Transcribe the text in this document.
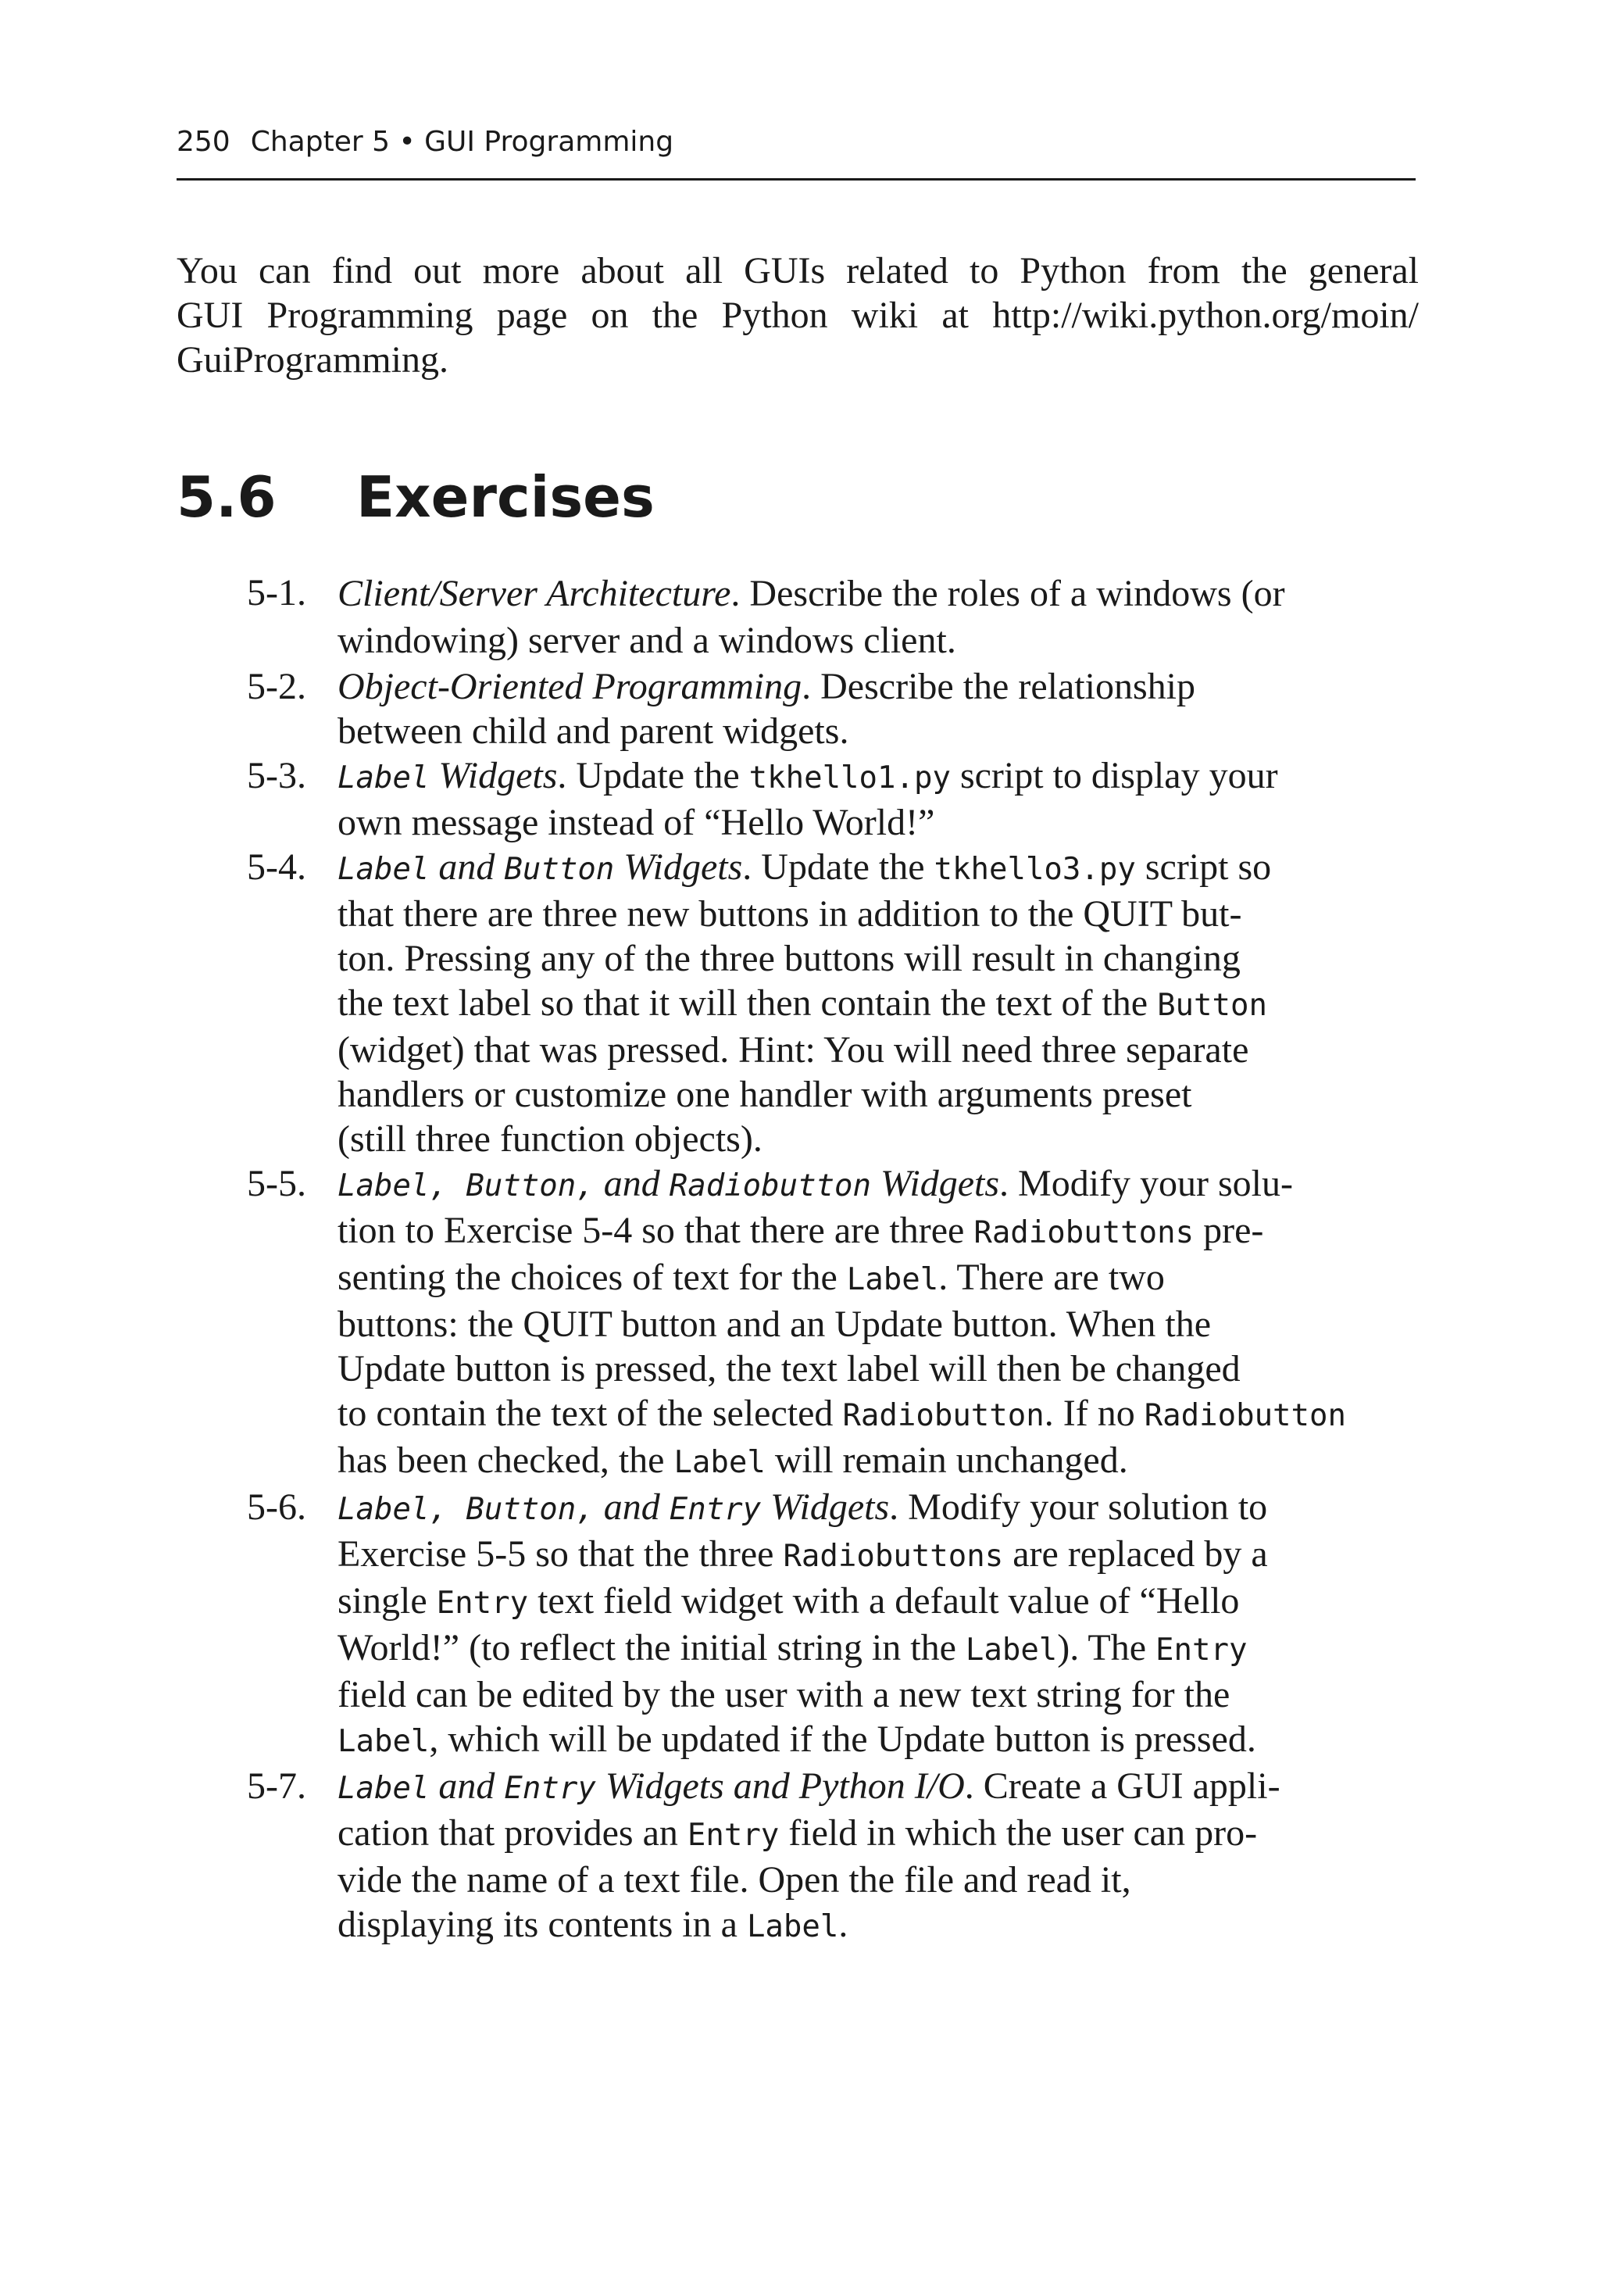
250 Chapter 5 • GUI Programming
You can find out more about all GUIs related to Python from the general
GUI Programming page on the Python wiki at http://wiki.python.org/moin/
GuiProgramming.
5.6 Exercises
5-1. Client/Server Architecture. Describe the roles of a windows (or
windowing) server and a windows client.
5-2. Object-Oriented Programming. Describe the relationship
between child and parent widgets.
5-3. Label Widgets. Update the tkhello1.py script to display your
own message instead of “Hello World!”
5-4. Label and Button Widgets. Update the tkhello3.py script so
that there are three new buttons in addition to the QUIT but-
ton. Pressing any of the three buttons will result in changing
the text label so that it will then contain the text of the Button
(widget) that was pressed. Hint: You will need three separate
handlers or customize one handler with arguments preset
(still three function objects).
5-5. Label, Button, and Radiobutton Widgets. Modify your solu-
tion to Exercise 5-4 so that there are three Radiobuttons pre-
senting the choices of text for the Label. There are two
buttons: the QUIT button and an Update button. When the
Update button is pressed, the text label will then be changed
to contain the text of the selected Radiobutton. If no Radiobutton
has been checked, the Label will remain unchanged.
5-6. Label, Button, and Entry Widgets. Modify your solution to
Exercise 5-5 so that the three Radiobuttons are replaced by a
single Entry text field widget with a default value of “Hello
World!” (to reflect the initial string in the Label). The Entry
field can be edited by the user with a new text string for the
Label, which will be updated if the Update button is pressed.
5-7. Label and Entry Widgets and Python I/O. Create a GUI appli-
cation that provides an Entry field in which the user can pro-
vide the name of a text file. Open the file and read it,
displaying its contents in a Label.
